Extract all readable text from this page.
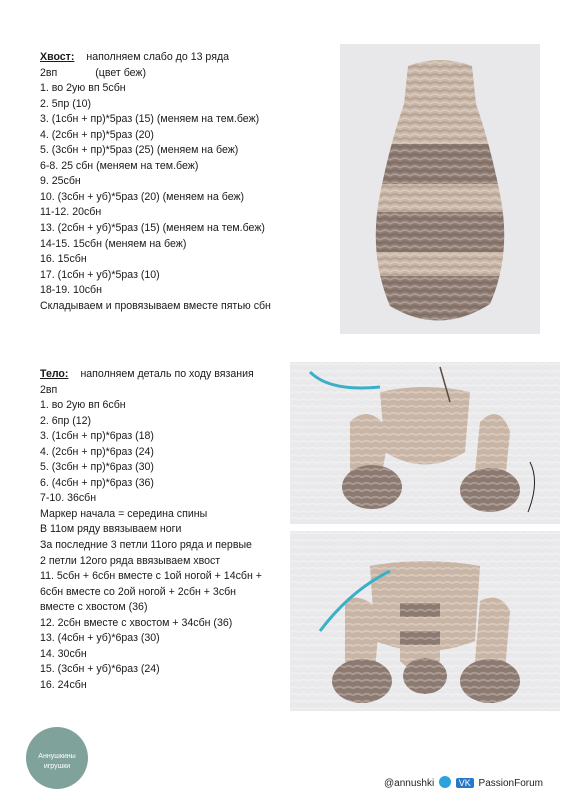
Хвост: наполняем слабо до 13 ряда
2вп	(цвет беж)
1. во 2ую вп 5сбн
2. 5пр (10)
3. (1сбн + пр)*5раз (15) (меняем на тем.беж)
4. (2сбн + пр)*5раз (20)
5. (3сбн + пр)*5раз (25) (меняем на беж)
6-8. 25 сбн (меняем на тем.беж)
9. 25сбн
10. (3сбн + уб)*5раз (20) (меняем на беж)
11-12. 20сбн
13. (2сбн + уб)*5раз (15) (меняем на тем.беж)
14-15. 15сбн (меняем на беж)
16. 15сбн
17. (1сбн + уб)*5раз (10)
18-19. 10сбн
Складываем и провязываем вместе пятью сбн
Тело: наполняем деталь по ходу вязания
2вп
1. во 2ую вп 6сбн
2. 6пр (12)
3. (1сбн + пр)*6раз (18)
4. (2сбн + пр)*6раз (24)
5. (3сбн + пр)*6раз (30)
6. (4сбн + пр)*6раз (36)
7-10. 36сбн
Маркер начала = середина спины
В 11ом ряду ввязываем ноги
За последние 3 петли 11ого ряда и первые
2 петли 12ого ряда ввязываем хвост
11. 5сбн + 6сбн вместе с 1ой ногой + 14сбн +
6сбн вместе со 2ой ногой + 2сбн + 3сбн
вместе с хвостом (36)
12. 2сбн вместе с хвостом + 34сбн (36)
13. (4сбн + уб)*6раз (30)
14. 30сбн
15. (3сбн + уб)*6раз (24)
16. 24сбн
Аннушкины
игрушки
@annushki	VK PassionForum
